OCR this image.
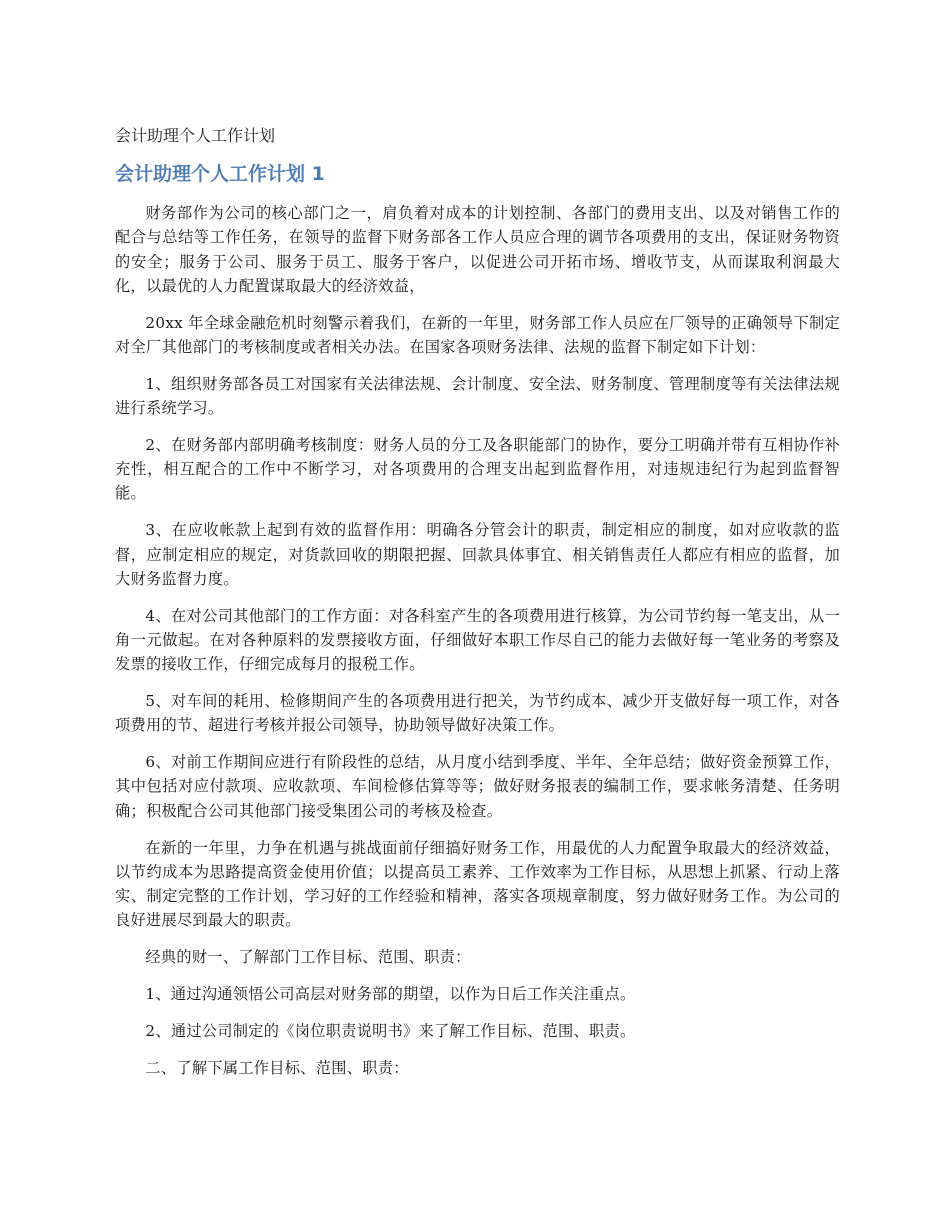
会计助理个人工作计划
会计助理个人工作计划 1

财务部作为公司的核心部门之一，肩负着对成本的计划控制、各部门的费用支出、以及对销售工作的配合与总结等工作任务，在领导的监督下财务部各工作人员应合理的调节各项费用的支出，保证财务物资的安全；服务于公司、服务于员工、服务于客户，以促进公司开拓市场、增收节支，从而谋取利润最大化，以最优的人力配置谋取最大的经济效益，

20xx 年全球金融危机时刻警示着我们，在新的一年里，财务部工作人员应在厂领导的正确领导下制定对全厂其他部门的考核制度或者相关办法。在国家各项财务法律、法规的监督下制定如下计划：

1、组织财务部各员工对国家有关法律法规、会计制度、安全法、财务制度、管理制度等有关法律法规进行系统学习。

2、在财务部内部明确考核制度：财务人员的分工及各职能部门的协作，要分工明确并带有互相协作补充性，相互配合的工作中不断学习，对各项费用的合理支出起到监督作用，对违规违纪行为起到监督智能。

3、在应收帐款上起到有效的监督作用：明确各分管会计的职责，制定相应的制度，如对应收款的监督，应制定相应的规定，对货款回收的期限把握、回款具体事宜、相关销售责任人都应有相应的监督，加大财务监督力度。

4、在对公司其他部门的工作方面：对各科室产生的各项费用进行核算，为公司节约每一笔支出，从一角一元做起。在对各种原料的发票接收方面，仔细做好本职工作尽自己的能力去做好每一笔业务的考察及发票的接收工作，仔细完成每月的报税工作。

5、对车间的耗用、检修期间产生的各项费用进行把关，为节约成本、减少开支做好每一项工作，对各项费用的节、超进行考核并报公司领导，协助领导做好决策工作。

6、对前工作期间应进行有阶段性的总结，从月度小结到季度、半年、全年总结；做好资金预算工作，其中包括对应付款项、应收款项、车间检修估算等等；做好财务报表的编制工作，要求帐务清楚、任务明确；积极配合公司其他部门接受集团公司的考核及检查。

在新的一年里，力争在机遇与挑战面前仔细搞好财务工作，用最优的人力配置争取最大的经济效益，以节约成本为思路提高资金使用价值；以提高员工素养、工作效率为工作目标，从思想上抓紧、行动上落实、制定完整的工作计划，学习好的工作经验和精神，落实各项规章制度，努力做好财务工作。为公司的良好进展尽到最大的职责。

经典的财一、了解部门工作目标、范围、职责：

1、通过沟通领悟公司高层对财务部的期望，以作为日后工作关注重点。

2、通过公司制定的《岗位职责说明书》来了解工作目标、范围、职责。

二、了解下属工作目标、范围、职责：
